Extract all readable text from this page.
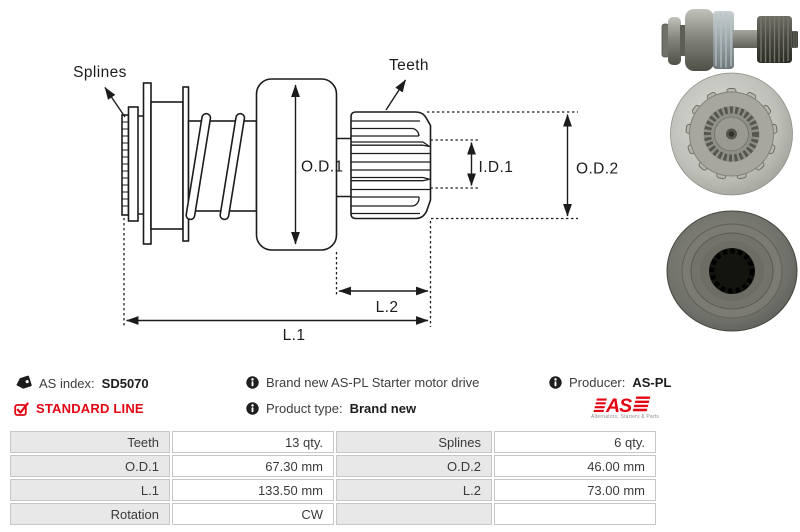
Splines	Teeth
O.D.1	I.D.1	O.D.2
L.2
L.1
AS index: SD5070
STANDARD LINE
Brand new AS-PL Starter motor drive
Product type: Brand new
Producer: AS-PL
AS
Alternators, Starters & Parts
Teeth	13 qty.	Splines	6 qty.
O.D.1	67.30 mm	O.D.2	46.00 mm
L.1	133.50 mm	L.2	73.00 mm
Rotation	CW		
